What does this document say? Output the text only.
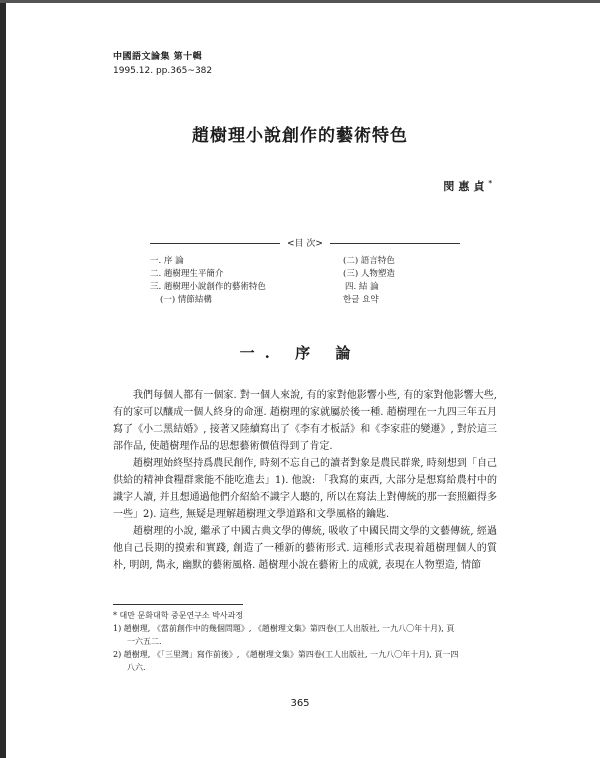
中國語文論集 第十輯
1995.12. pp.365~382
趙樹理小說創作的藝術特色
閔惠貞*
<目 次>
一. 序 論
二. 趙樹理生平簡介
三. 趙樹理小說創作的藝術特色
(一) 情節結構
(二) 語言特色
(三) 人物塑造
四. 結 論
한글 요약
一. 序 論

我們每個人都有一個家. 對一個人來說, 有的家對他影響小些, 有的家對他影響大些, 有的家可以釀成一個人終身的命運. 趙樹理的家就屬於後一種. 趙樹理在一九四三年五月寫了《小二黑結婚》, 接著又陸續寫出了《李有才板話》和《李家莊的變遷》, 對於這三部作品, 使趙樹理作品的思想藝術價值得到了肯定.

趙樹理始終堅持爲農民創作, 時刻不忘自己的讀者對象是農民群衆, 時刻想到「自己供給的精神食糧群衆能不能吃進去」1). 他說: 「我寫的東西, 大部分是想寫給農村中的識字人讀, 并且想通過他們介紹給不識字人聽的, 所以在寫法上對傳統的那一套照顧得多一些」2). 這些, 無疑是理解趙樹理文學道路和文學風格的鑰匙.

趙樹理的小說, 繼承了中國古典文學的傳統, 吸收了中國民間文學的文藝傳統, 經過他自己長期的摸索和實踐, 創造了一種新的藝術形式. 這種形式表現着趙樹理個人的質朴, 明朗, 雋永, 幽默的藝術風格. 趙樹理小說在藝術上的成就, 表現在人物塑造, 情節

* 대만 문화대학 중문연구소 박사과정
1) 趙樹理, 《當前創作中的幾個問題》, 《趙樹理文集》第四卷(工人出版社, 一九八〇年十月), 頁
一六五二.
2) 趙樹理, 《「三里灣」寫作前後》, 《趙樹理文集》第四卷(工人出版社, 一九八〇年十月), 頁一四
八六.
365
